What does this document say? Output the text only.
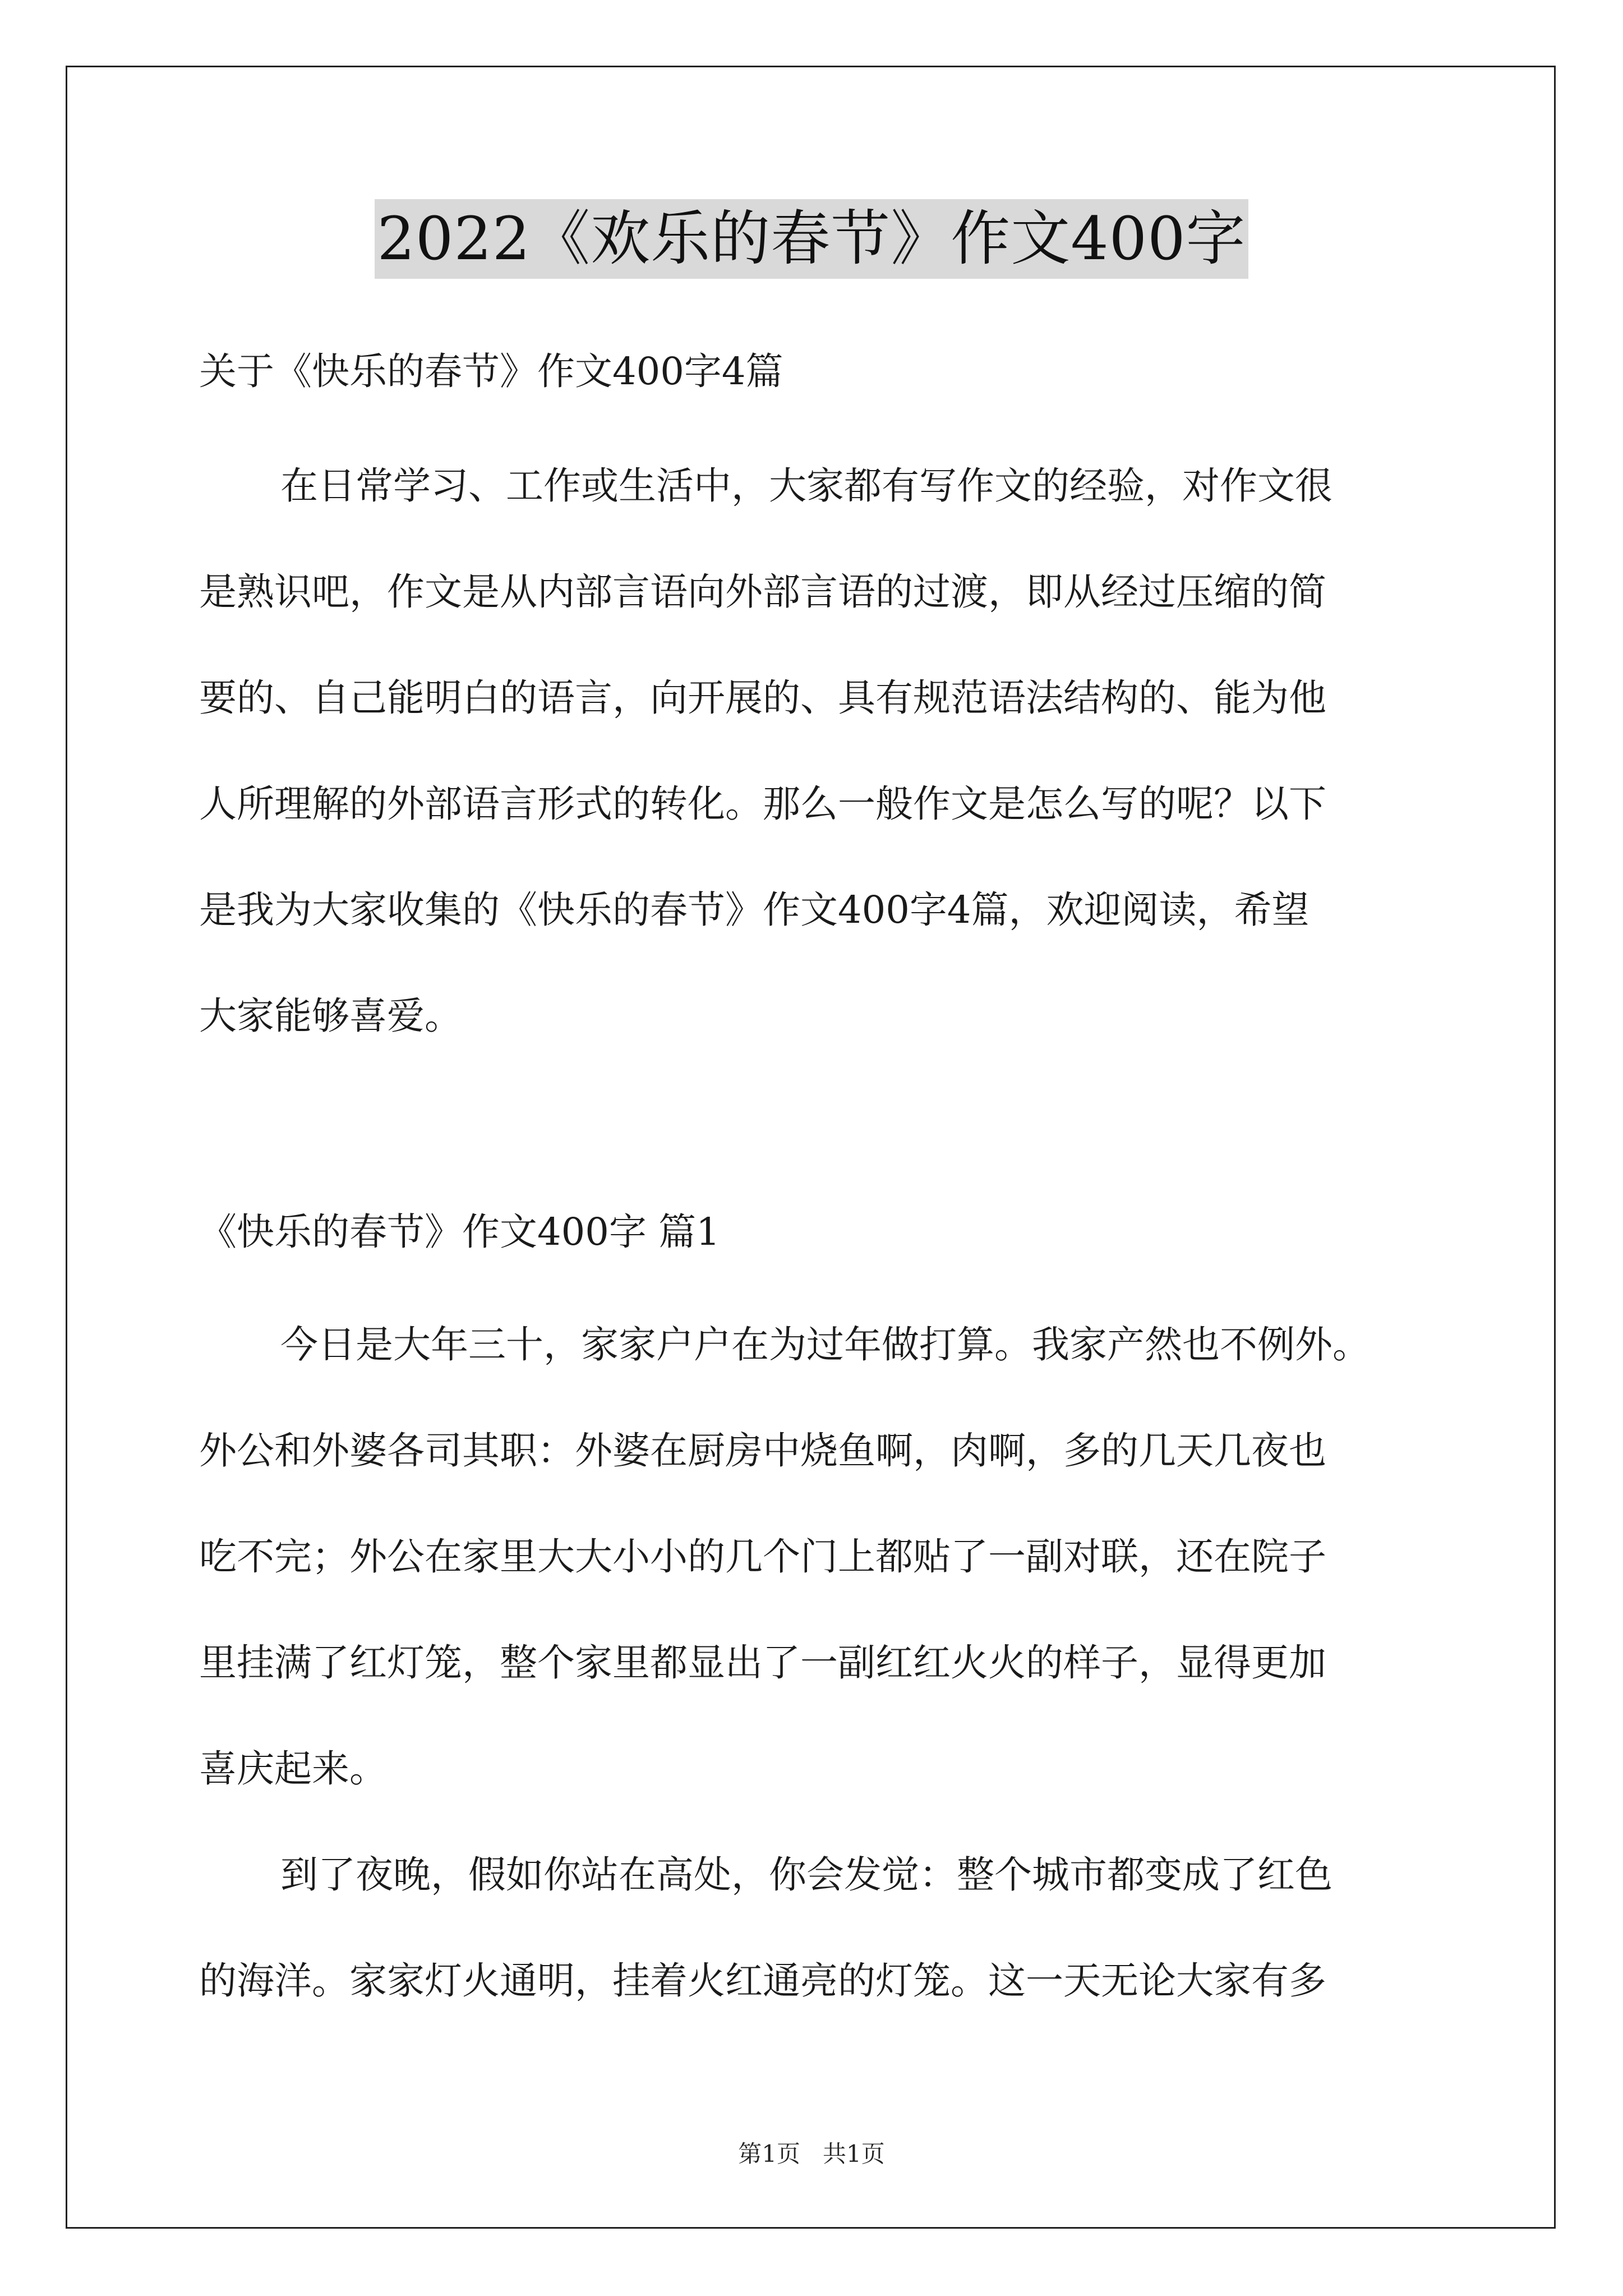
2022《欢乐的春节》作文400字
关于《快乐的春节》作文400字4篇
在日常学习、工作或生活中，大家都有写作文的经验，对作文很
是熟识吧，作文是从内部言语向外部言语的过渡，即从经过压缩的简
要的、自己能明白的语言，向开展的、具有规范语法结构的、能为他
人所理解的外部语言形式的转化。那么一般作文是怎么写的呢？以下
是我为大家收集的《快乐的春节》作文400字4篇，欢迎阅读，希望
大家能够喜爱。
《快乐的春节》作文400字 篇1
今日是大年三十，家家户户在为过年做打算。我家产然也不例外。
外公和外婆各司其职：外婆在厨房中烧鱼啊，肉啊，多的几天几夜也
吃不完；外公在家里大大小小的几个门上都贴了一副对联，还在院子
里挂满了红灯笼，整个家里都显出了一副红红火火的样子，显得更加
喜庆起来。
到了夜晚，假如你站在高处，你会发觉：整个城市都变成了红色
的海洋。家家灯火通明，挂着火红通亮的灯笼。这一天无论大家有多
第1页 共1页
